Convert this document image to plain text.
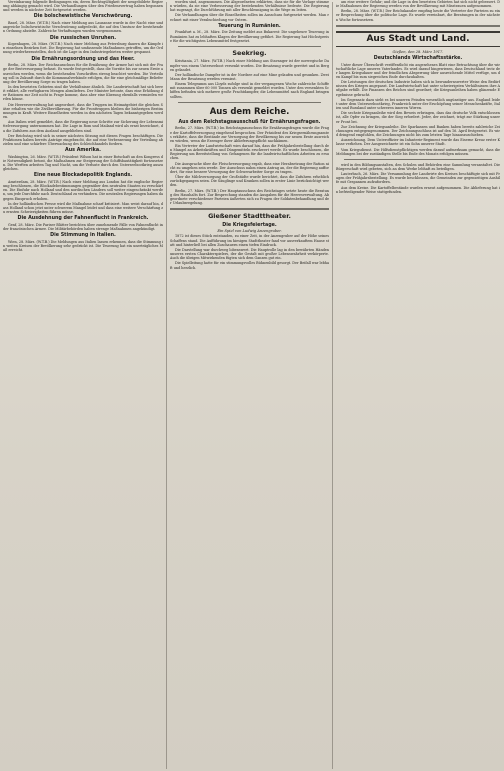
Vereinbarung folgende Bedingungen ein, deren Rechtsgültigkeit der neugebildete Regierung abhängig gemacht wird. Die Verhandlungen über den Friedensvertrag haben begonnen und werden in nächster Zeit fortgesetzt werden.
Die bolschewistische Verschwörung.
Basel, 28. März. (W.T.B.) Nach einer Meldung aus Lausanne wurde in der Nacht eine umfangreiche bolschewistische Verschwörung aufgedeckt, die auf den Umsturz der bestehenden Ordnung abzielte. Zahlreiche Verhaftungen wurden vorgenommen.
Die russischen Unruhen.
Kopenhagen, 28. März. (W.T.B.) Nach einer Meldung aus Petersburg dauern die Kämpfe in einzelnen Bezirken fort. Die Regierung hat umfassende Maßnahmen getroffen, um die Ordnung wiederherzustellen, doch ist die Lage in den Industriegebieten weiter gespannt.
Die Ernährungsordnung und das Heer.
Berlin, 28. März. Der Reichsausschuss für die Ernährung der Armee hat sich mit der Frage der Brotversorgung befasst. Es wurde festgestellt, dass die Vorräte bis zur neuen Ernte ausreichen werden, wenn die bestehenden Vorschriften streng beachtet werden. Die Verteilung soll in Zukunft durch die Kommunalverbände erfolgen, die für eine gleichmäßige Belieferung der Bevölkerung Sorge zu tragen haben.
In den besetzten Gebieten sind die Verhältnisse ähnlich. Die Landwirtschaft hat sich bereit erklärt, alle verfügbaren Mengen abzuliefern. Der Minister betonte, dass eine Erhöhung der Rationen zur Zeit nicht in Frage komme, dass aber eine Kürzung ebenfalls vermieden werden könne.
Die Heeresverwaltung hat angeordnet, dass die Truppen im Heimatgebiet die gleichen Sätze erhalten wie die Zivilbevölkerung. Für die Fronttruppen bleiben die bisherigen Bestimmungen in Kraft. Weitere Einzelheiten werden in den nächsten Tagen bekanntgegeben werden.
Aus Italien wird gemeldet, dass die Regierung neue Schritte zur Sicherung der Lebensmittelversorgung unternommen hat. Die Lage in Rom und Mailand wird als ernst bezeichnet, da die Zufuhren aus dem Ausland ausgeblieben sind.
Der Reichstag wird sich in seiner nächsten Sitzung mit diesen Fragen beschäftigen. Die Fraktionen haben bereits Anträge eingebracht, die auf eine Verbesserung der Verteilung abzielen und eine schärfere Überwachung des Schleichhandels fordern.
Aus Amerika.
Washington, 26. März. (W.T.B.) Präsident Wilson hat in einer Botschaft an den Kongress die Notwendigkeit betont, die Maßnahmen zur Steigerung der Schiffsbautätigkeit fortzusetzen. Die Werften arbeiten Tag und Nacht, um die Verluste durch den Unterseebootkrieg auszugleichen.
Eine neue Blockadepolitik Englands.
Amsterdam, 28. März. (W.T.B.) Nach einer Meldung aus London hat die englische Regierung beschlossen, die Blockadebestimmungen gegenüber den neutralen Staaten zu verschärfen. Die Einfuhr nach Holland und den nordischen Ländern soll weiter eingeschränkt werden, um jede Durchfuhr nach Deutschland zu verhindern. Die neutralen Regierungen haben dagegen Einspruch erhoben.
In der holländischen Presse wird die Maßnahme scharf kritisiert. Man weist darauf hin, dass Holland schon jetzt unter schwerem Mangel leidet und dass eine weitere Verschärfung zu ernsten Schwierigkeiten führen müsse.
Die Ausdehnung der Fahnenflucht in Frankreich.
Genf, 28. März. Die Pariser Blätter berichten über zunehmende Fälle von Fahnenflucht in der französischen Armee. Die Militärbehörden haben strenge Maßnahmen angekündigt.
Die Stimmung in Italien.
Wien, 28. März. (W.T.B.) Die Meldungen aus Italien lassen erkennen, dass die Stimmung in weiten Kreisen der Bevölkerung sehr gedrückt ist. Die Teuerung hat ein unerträgliches Maß erreicht.
worden sind, angenommen. Die Abgeordneten erklärten, dass sie für die Vorlage stimmen würden, da sie eine Verbesserung der bestehenden Verhältnisse bedeute. Die Regierung hat zugesagt, die Durchführung mit aller Beschleunigung in die Wege zu leiten.
Die Verhandlungen über die Einzelheiten sollen im Ausschuss fortgesetzt werden. Man rechnet mit einer Verabschiedung vor Ostern.
Teuerung in Rumänien.
Frankfurt a. M., 28. März. Die Zeitung meldet aus Bukarest: Die ungeheure Teuerung in Rumänien hat zu lebhaften Klagen der Bevölkerung geführt. Die Regierung hat Höchstpreise für die wichtigsten Lebensmittel festgesetzt.
Seekrieg.
Kristiania, 27. März. (W.T.B.) Nach einer Meldung aus Stavanger ist der norwegische Dampfer von einem Unterseeboot versenkt worden. Die Besatzung wurde gerettet und in Bergen gelandet.
Der holländische Dampfer ist in der Nordsee auf eine Mine gelaufen und gesunken. Zwei Mann der Besatzung werden vermisst.
Einem Telegramm aus Lloyds zufolge sind in der vergangenen Woche zahlreiche Schiffe mit zusammen über 60 000 Tonnen als versenkt gemeldet worden. Unter den versenkten Schiffen befinden sich mehrere große Frachtdampfer, die Lebensmittel nach England bringen sollten.
Aus dem Reiche.
Aus dem Reichstagsausschuß für Ernährungsfragen.
Berlin, 27. März. (W.T.B.) Im Reichstagsausschuss für Ernährungsfragen wurde die Frage der Kartoffelversorgung eingehend besprochen. Der Präsident des Kriegsernährungsamtes erklärte, dass die Bestände zur Versorgung der Bevölkerung bis zur neuen Ernte ausreichen würden, wenn die Erzeuger ihrer Ablieferungspflicht nachkämen.
Ein Vertreter der Landwirtschaft wies darauf hin, dass die Frühjahrsbestellung durch den Mangel an Arbeitskräften und Düngemitteln erschwert werde. Es wurde beschlossen, die Regierung um Bereitstellung von Gefangenen für die landwirtschaftlichen Arbeiten zu ersuchen.
Die Aussprache über die Fleischversorgung ergab, dass eine Herabsetzung der Ration nicht zu umgehen sein werde. Der Ausschuss nahm einen Antrag an, der die Regierung auffordert, für eine bessere Versorgung der Schwerarbeiter Sorge zu tragen.
Über die Milchversorgung der Großstädte wurde berichtet, dass die Zufuhren erheblich zurückgegangen seien. Die Säuglinge und Kranken sollen in erster Linie berücksichtigt werden.
Berlin, 27. März. (W.T.B.) Der Hauptausschuss des Reichstages setzte heute die Beratung des Haushalts fort. Zur Besprechung standen die Ausgaben für die Heeresverwaltung. Abgeordnete verschiedener Parteien äußerten sich zu Fragen der Soldatenbehandlung und der Urlaubsregelung.
Gießener Stadttheater.
Die Kriegsfeiertage.
Ein Spiel von Ludwig Anzengruber.
1872 ist dieses Stück entstanden, zu einer Zeit, in der Anzengruber auf der Höhe seines Schaffens stand. Die Aufführung im hiesigen Stadttheater fand vor ausverkauftem Hause statt und hinterließ bei allen Zuschauern einen tiefen Eindruck.
Die Darstellung war durchweg lobenswert. Die Hauptrolle lag in den bewährten Händen unseres ersten Charakterspielers, der die Gestalt mit großer Lebenswahrheit verkörperte. Auch die übrigen Mitwirkenden fügten sich dem Ganzen gut ein.
Die Spielleitung hatte für ein stimmungsvolles Bühnenbild gesorgt. Der Beifall war lebhaft und herzlich.
am eine weitere Gefahr; und die Lage in den besetzten Gebieten hat sich nicht gebessert. Die Maßnahmen der Regierung werden von der Bevölkerung mit Misstrauen aufgenommen.
Berlin, 28. März. (W.T.B.) Der Reichskanzler empfing heute die Vertreter der Parteien zu einer Besprechung über die politische Lage. Es wurde vereinbart, die Beratungen in der nächsten Woche fortzusetzen.
Aus Stadt und Land.
Gießen, den 28. März 1917.
Deutschlands Wirtschaftsstärke.
Unter dieser Überschrift veröffentlicht ein angesehenes Blatt eine Betrachtung über die wirtschaftliche Lage unseres Vaterlandes. Es wird darauf hingewiesen, dass Deutschland trotz der langen Kriegsdauer und der feindlichen Absperrung über ausreichende Mittel verfüge, um den Kampf bis zum siegreichen Ende durchzuhalten.
Die Leistungen der deutschen Industrie haben sich in bewundernswerter Weise den Bedürfnissen des Krieges angepasst. Die Landwirtschaft hat unter schwierigsten Verhältnissen ihre Aufgabe erfüllt. Die Finanzen des Reiches sind geordnet; die Kriegsanleihen haben glänzende Ergebnisse gebracht.
Im Gegensatz dazu sieht es bei unseren Feinden wesentlich ungünstiger aus. England leidet unter dem Unterseebootkrieg, Frankreich unter der Erschöpfung seiner Menschenkräfte, Italien und Russland unter schweren inneren Wirren.
Die sechste Kriegsanleihe wird den Beweis erbringen, dass das deutsche Volk entschlossen ist, alle Opfer zu bringen, die der Sieg erfordert. Jeder, der zeichnet, trägt zur Stärkung unserer Front bei.
Zur Zeichnung der Kriegsanleihe. Die Sparkassen und Banken haben bereits zahlreiche Zeichnungen entgegengenommen. Der Zeichnungsschluss ist auf den 16. April festgesetzt. Es wird dringend empfohlen, die Zeichnungen nicht bis zum letzten Tage hinauszuschieben.
Auszeichnung. Dem Unteroffizier im Infanterie-Regiment wurde das Eiserne Kreuz erster Klasse verliehen. Der Ausgezeichnete ist ein Sohn unserer Stadt.
Vom Kriegsdienst. Die Hilfsdienstpflichtigen werden darauf aufmerksam gemacht, dass die Meldungen bei der zuständigen Stelle bis Ende des Monats erfolgen müssen.
wird in den Bildungsanstalten, den Schulen und Behörden eine Sammlung veranstaltet. Die Bürgerschaft wird gebeten, sich an dem Werke lebhaft zu beteiligen.
Lauterbach, 26. März. Die Versammlung der Landwirte des Kreises beschäftigte sich mit Fragen der Frühjahrsbestellung. Es wurde beschlossen, die Gemeinden zur gegenseitigen Aushilfe mit Gespannen aufzufordern.
Aus dem Kreise. Die Kartoffelbestände wurden erneut aufgenommen. Die Ablieferung hat in befriedigender Weise stattgefunden.
